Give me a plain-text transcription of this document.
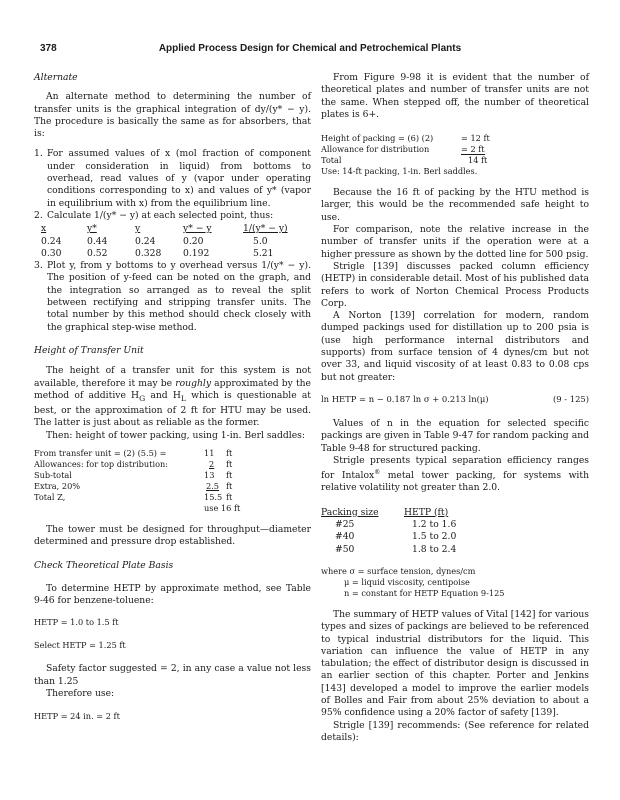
378	Applied Process Design for Chemical and Petrochemical Plants

Alternate

An alternate method to determining the number of transfer units is the graphical integration of dy/(y* − y). The procedure is basically the same as for absorbers, that is:

1. For assumed values of x (mol fraction of component under consideration in liquid) from bottoms to overhead, read values of y (vapor under operating conditions corresponding to x) and values of y* (vapor in equilibrium with x) from the equilibrium line.
2. Calculate 1/(y* − y) at each selected point, thus:
x	y*	y	y* − y	1/(y* − y)
0.24	0.44	0.24	0.20	5.0
0.30	0.52	0.328	0.192	5.21
3. Plot y, from y bottoms to y overhead versus 1/(y* − y). The position of y-feed can be noted on the graph, and the integration so arranged as to reveal the split between rectifying and stripping transfer units. The total number by this method should check closely with the graphical step-wise method.

Height of Transfer Unit

The height of a transfer unit for this system is not available, therefore it may be roughly approximated by the method of additive $H_G$ and $H_L$ which is questionable at best, or the approximation of 2 ft for HTU may be used. The latter is just about as reliable as the former.

Then: height of tower packing, using 1-in. Berl saddles:

From transfer unit = (2) (5.5) =	11	ft
Allowances: for top distribution:	2	ft
Sub-total	13	ft
Extra, 20%	2.5	ft
Total Z,	15.5	ft

use 16 ft

The tower must be designed for throughput—diameter determined and pressure drop established.

Check Theoretical Plate Basis

To determine HETP by approximate method, see Table 9-46 for benzene-toluene:

HETP = 1.0 to 1.5 ft

Select HETP = 1.25 ft

Safety factor suggested = 2, in any case a value not less than 1.25

Therefore use:

HETP = 24 in. = 2 ft

From Figure 9-98 it is evident that the number of theoretical plates and number of transfer units are not the same. When stepped off, the number of theoretical plates is 6+.

Height of packing = (6) (2)	= 12 ft
Allowance for distribution	= 2 ft
Total	14 ft

Use: 14-ft packing, 1-in. Berl saddles.

Because the 16 ft of packing by the HTU method is larger, this would be the recommended safe height to use.

For comparison, note the relative increase in the number of transfer units if the operation were at a higher pressure as shown by the dotted line for 500 psig.

Strigle [139] discusses packed column efficiency (HETP) in considerable detail. Most of his published data refers to work of Norton Chemical Process Products Corp.

A Norton [139] correlation for modern, random dumped packings used for distillation up to 200 psia is (use high performance internal distributors and supports) from surface tension of 4 dynes/cm but not over 33, and liquid viscosity of at least 0.83 to 0.08 cps but not greater:

ln HETP = n − 0.187 ln σ + 0.213 ln(μ)	(9 - 125)

Values of n in the equation for selected specific packings are given in Table 9-47 for random packing and Table 9-48 for structured packing.

Strigle presents typical separation efficiency ranges for Intalox® metal tower packing, for systems with relative volatility not greater than 2.0.

Packing size	HETP (ft)
#25	1.2 to 1.6
#40	1.5 to 2.0
#50	1.8 to 2.4

where σ = surface tension, dynes/cm

μ = liquid viscosity, centipoise

n = constant for HETP Equation 9-125

The summary of HETP values of Vital [142] for various types and sizes of packings are believed to be referenced to typical industrial distributors for the liquid. This variation can influence the value of HETP in any tabulation; the effect of distributor design is discussed in an earlier section of this chapter. Porter and Jenkins [143] developed a model to improve the earlier models of Bolles and Fair from about 25% deviation to about a 95% confidence using a 20% factor of safety [139].

Strigle [139] recommends: (See reference for related details):
